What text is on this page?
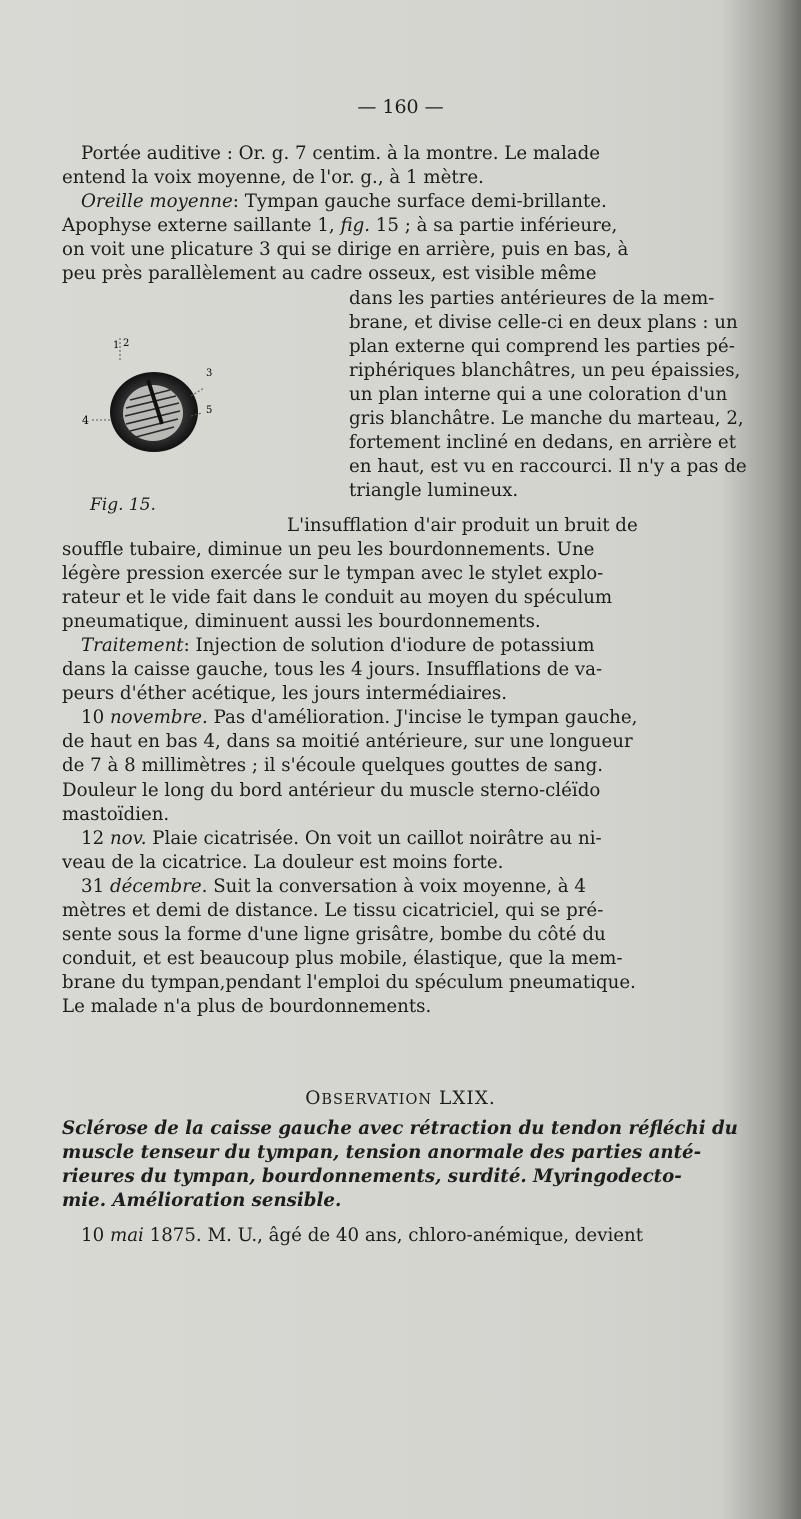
— 160 —
Portée auditive : Or. g. 7 centim. à la montre. Le malade
entend la voix moyenne, de l'or. g., à 1 mètre.
Oreille moyenne: Tympan gauche surface demi-brillante.
Apophyse externe saillante 1, fig. 15 ; à sa partie inférieure,
on voit une plicature 3 qui se dirige en arrière, puis en bas, à
peu près parallèlement au cadre osseux, est visible même
dans les parties antérieures de la mem-
brane, et divise celle-ci en deux plans : un
plan externe qui comprend les parties pé-
riphériques blanchâtres, un peu épaissies,
un plan interne qui a une coloration d'un
gris blanchâtre. Le manche du marteau, 2,
fortement incliné en dedans, en arrière et
en haut, est vu en raccourci. Il n'y a pas de
triangle lumineux.
1 2
3
5
4
Fig. 15.
L'insufflation d'air produit un bruit de
souffle tubaire, diminue un peu les bourdonnements. Une
légère pression exercée sur le tympan avec le stylet explo-
rateur et le vide fait dans le conduit au moyen du spéculum
pneumatique, diminuent aussi les bourdonnements.
Traitement: Injection de solution d'iodure de potassium
dans la caisse gauche, tous les 4 jours. Insufflations de va-
peurs d'éther acétique, les jours intermédiaires.
10 novembre. Pas d'amélioration. J'incise le tympan gauche,
de haut en bas 4, dans sa moitié antérieure, sur une longueur
de 7 à 8 millimètres ; il s'écoule quelques gouttes de sang.
Douleur le long du bord antérieur du muscle sterno-cléïdo
mastoïdien.
12 nov. Plaie cicatrisée. On voit un caillot noirâtre au ni-
veau de la cicatrice. La douleur est moins forte.
31 décembre. Suit la conversation à voix moyenne, à 4
mètres et demi de distance. Le tissu cicatriciel, qui se pré-
sente sous la forme d'une ligne grisâtre, bombe du côté du
conduit, et est beaucoup plus mobile, élastique, que la mem-
brane du tympan,pendant l'emploi du spéculum pneumatique.
Le malade n'a plus de bourdonnements.
OBSERVATION LXIX.
Sclérose de la caisse gauche avec rétraction du tendon réfléchi du
muscle tenseur du tympan, tension anormale des parties anté-
rieures du tympan, bourdonnements, surdité. Myringodecto-
mie. Amélioration sensible.
10 mai 1875. M. U., âgé de 40 ans, chloro-anémique, devient
